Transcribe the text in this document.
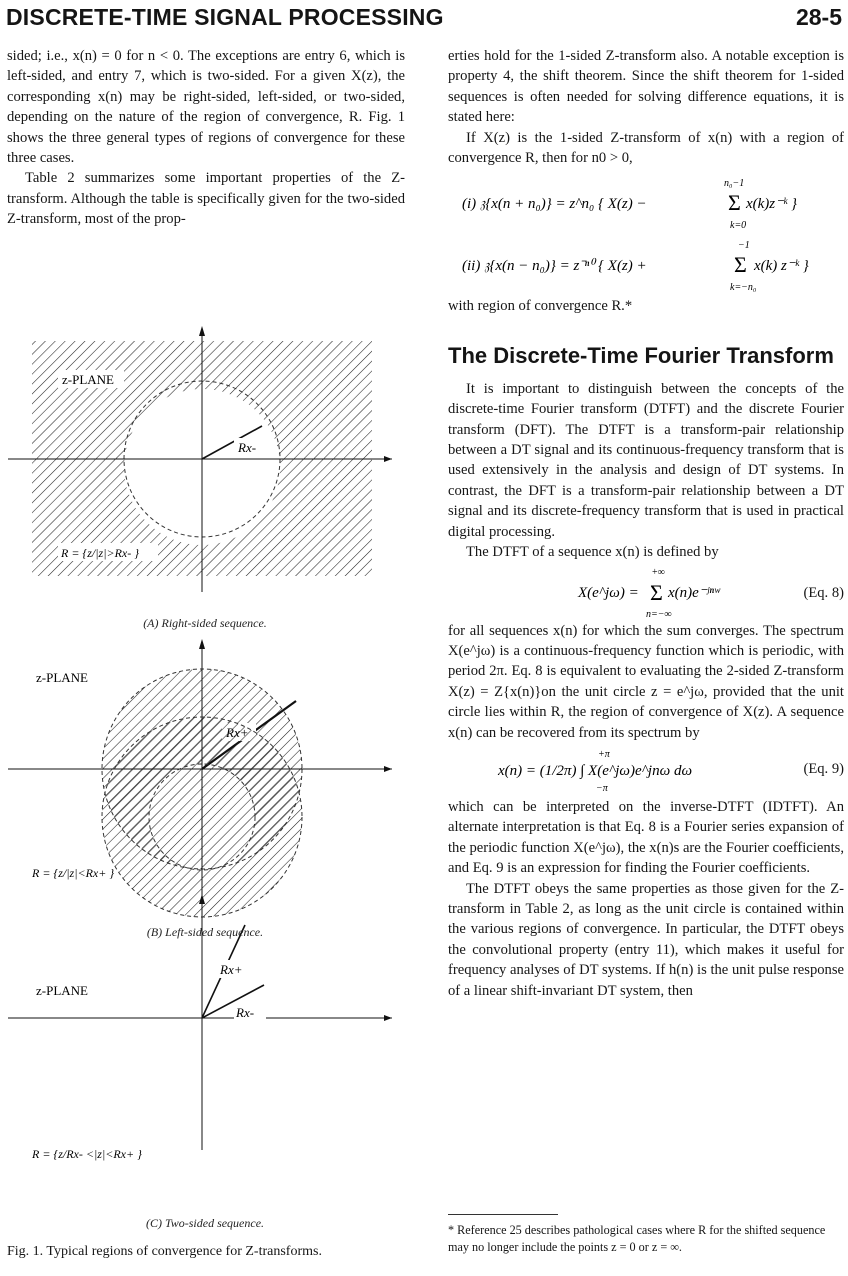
DISCRETE-TIME SIGNAL PROCESSING	28-5

sided; i.e., x(n) = 0 for n < 0. The exceptions are entry 6, which is left-sided, and entry 7, which is two-sided. For a given X(z), the corresponding x(n) may be right-sided, left-sided, or two-sided, depending on the nature of the region of convergence, R. Fig. 1 shows the three general types of regions of convergence for these three cases.

Table 2 summarizes some important properties of the Z-transform. Although the table is specifically given for the two-sided Z-transform, most of the prop-

z-PLANE
Rx-
R = {z/|z|>Rx- }
z-PLANE
R = {z/|z|<Rx+ }
z-PLANE
Rx+
Rx-
R = {z/Rx- <|z|<Rx+ }
(A) Right-sided sequence.
(B) Left-sided sequence.
(C) Two-sided sequence.
Fig. 1. Typical regions of convergence for Z-transforms.

erties hold for the 1-sided Z-transform also. A notable exception is property 4, the shift theorem. Since the shift theorem for 1-sided sequences is often needed for solving difference equations, it is stated here:

If X(z) is the 1-sided Z-transform of x(n) with a region of convergence R, then for n0 > 0,

(i) 𝔷{x(n + n₀)} = z^n₀ { X(z) −	Σ
n₀−1
k=0
x(k)z⁻ᵏ }
(ii) 𝔷{x(n − n₀)} = z⁻ⁿ⁰ { X(z) +	Σ
−1
k=−n₀
x(k) z⁻ᵏ }

with region of convergence R.*

The Discrete-Time Fourier Transform

It is important to distinguish between the concepts of the discrete-time Fourier transform (DTFT) and the discrete Fourier transform (DFT). The DTFT is a transform-pair relationship between a DT signal and its continuous-frequency transform that is used extensively in the analysis and design of DT systems. In contrast, the DFT is a transform-pair relationship between a DT signal and its discrete-frequency transform that is used in practical digital processing.

The DTFT of a sequence x(n) is defined by

X(e^jω) = Σ
+∞
n=−∞
x(n)e⁻ʲⁿʷ	(Eq. 8)

for all sequences x(n) for which the sum converges. The spectrum X(e^jω) is a continuous-frequency function which is periodic, with period 2π. Eq. 8 is equivalent to evaluating the 2-sided Z-transform X(z) = Z{x(n)}on the unit circle z = e^jω, provided that the unit circle lies within R, the region of convergence of X(z). A sequence x(n) can be recovered from its spectrum by

x(n) = (1/2π) ∫ X(e^jω)e^jnω dω
+π
−π
(Eq. 9)

which can be interpreted on the inverse-DTFT (IDTFT). An alternate interpretation is that Eq. 8 is a Fourier series expansion of the periodic function X(e^jω), the x(n)s are the Fourier coefficients, and Eq. 9 is an expression for finding the Fourier coefficients.

The DTFT obeys the same properties as those given for the Z-transform in Table 2, as long as the unit circle is contained within the various regions of convergence. In particular, the DTFT obeys the convolutional property (entry 11), which makes it useful for frequency analyses of DT systems. If h(n) is the unit pulse response of a linear shift-invariant DT system, then

* Reference 25 describes pathological cases where R for the shifted sequence may no longer include the points z = 0 or z = ∞.
